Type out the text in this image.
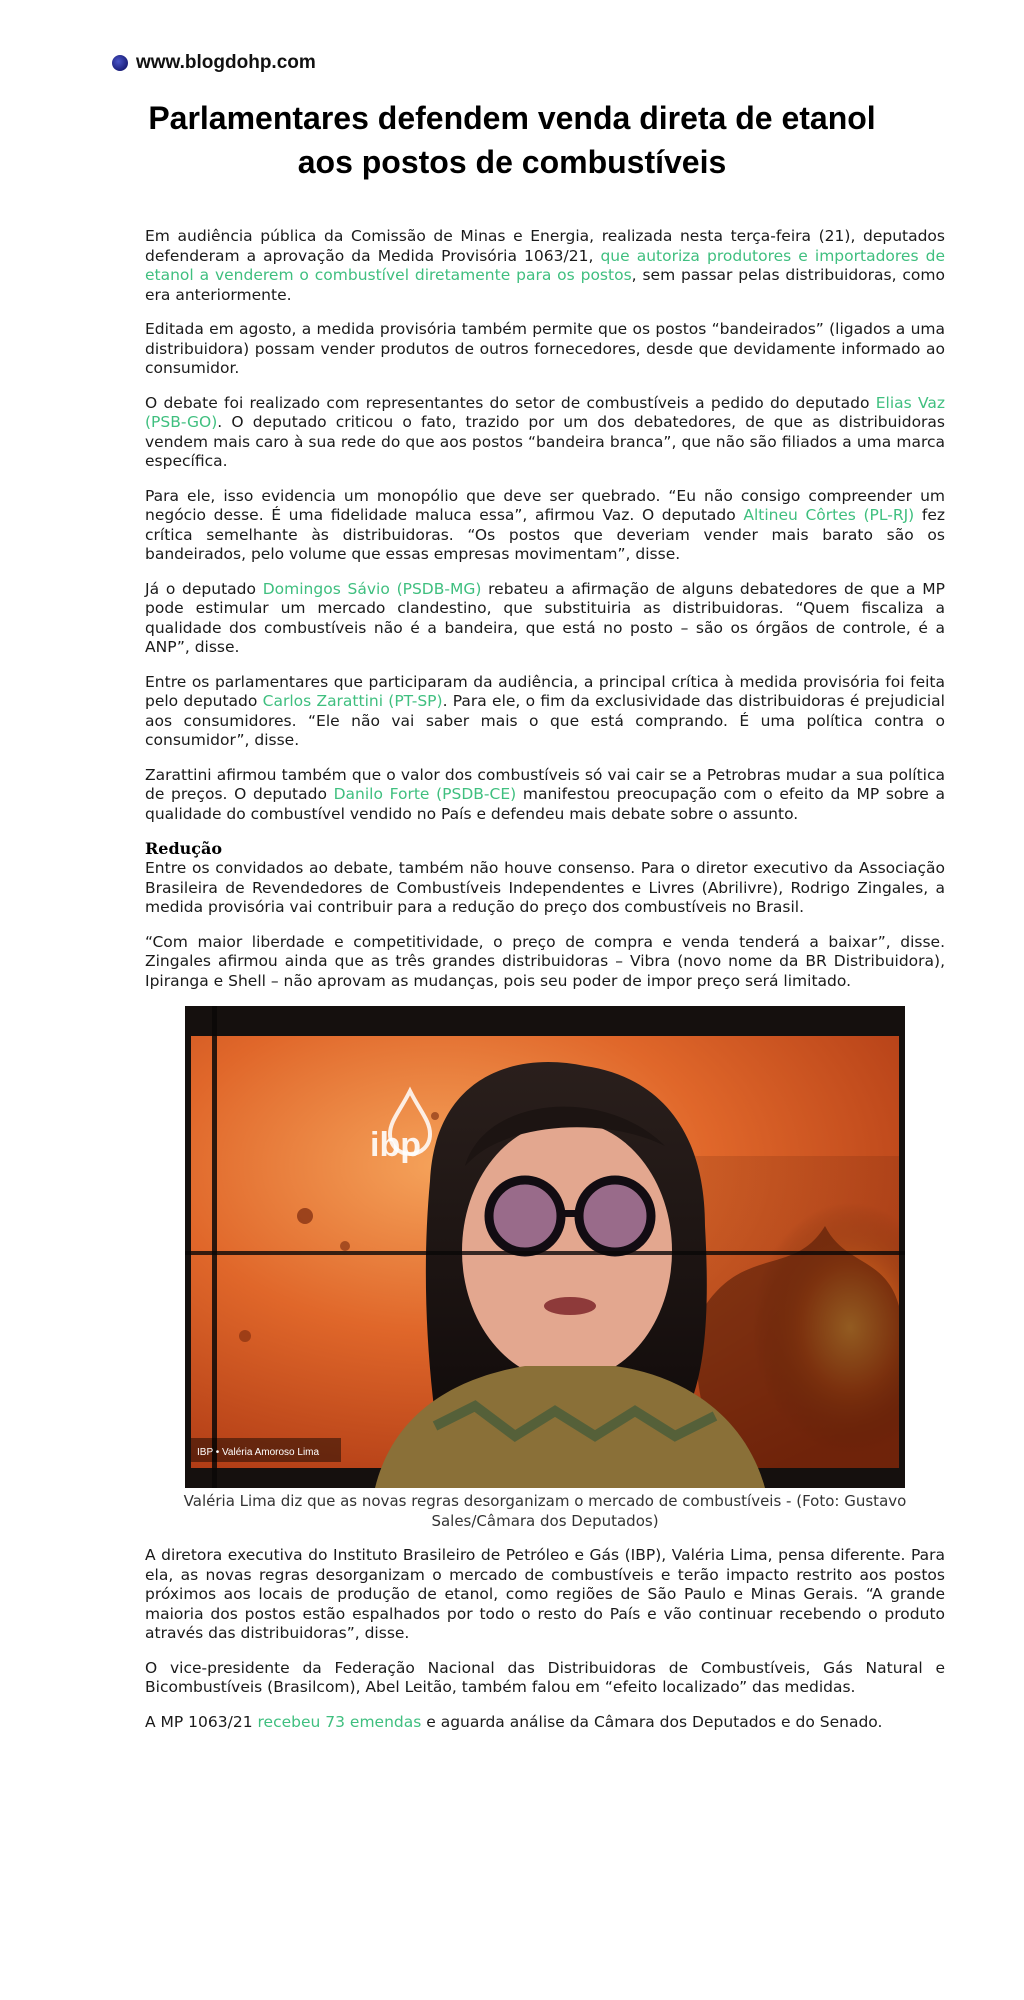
www.blogdohp.com
Parlamentares defendem venda direta de etanol
aos postos de combustíveis

Em audiência pública da Comissão de Minas e Energia, realizada nesta terça-feira (21), deputados defenderam a aprovação da Medida Provisória 1063/21, que autoriza produtores e importadores de etanol a venderem o combustível diretamente para os postos, sem passar pelas distribuidoras, como era anteriormente.

Editada em agosto, a medida provisória também permite que os postos “bandeirados” (ligados a uma distribuidora) possam vender produtos de outros fornecedores, desde que devidamente informado ao consumidor.

O debate foi realizado com representantes do setor de combustíveis a pedido do deputado Elias Vaz (PSB-GO). O deputado criticou o fato, trazido por um dos debatedores, de que as distribuidoras vendem mais caro à sua rede do que aos postos “bandeira branca”, que não são filiados a uma marca específica.

Para ele, isso evidencia um monopólio que deve ser quebrado. “Eu não consigo compreender um negócio desse. É uma fidelidade maluca essa”, afirmou Vaz. O deputado Altineu Côrtes (PL-RJ) fez crítica semelhante às distribuidoras. “Os postos que deveriam vender mais barato são os bandeirados, pelo volume que essas empresas movimentam”, disse.

Já o deputado Domingos Sávio (PSDB-MG) rebateu a afirmação de alguns debatedores de que a MP pode estimular um mercado clandestino, que substituiria as distribuidoras. “Quem fiscaliza a qualidade dos combustíveis não é a bandeira, que está no posto – são os órgãos de controle, é a ANP”, disse.

Entre os parlamentares que participaram da audiência, a principal crítica à medida provisória foi feita pelo deputado Carlos Zarattini (PT-SP). Para ele, o fim da exclusividade das distribuidoras é prejudicial aos consumidores. “Ele não vai saber mais o que está comprando. É uma política contra o consumidor”, disse.

Zarattini afirmou também que o valor dos combustíveis só vai cair se a Petrobras mudar a sua política de preços. O deputado Danilo Forte (PSDB-CE) manifestou preocupação com o efeito da MP sobre a qualidade do combustível vendido no País e defendeu mais debate sobre o assunto.

Redução

Entre os convidados ao debate, também não houve consenso. Para o diretor executivo da Associação Brasileira de Revendedores de Combustíveis Independentes e Livres (Abrilivre), Rodrigo Zingales, a medida provisória vai contribuir para a redução do preço dos combustíveis no Brasil.

“Com maior liberdade e competitividade, o preço de compra e venda tenderá a baixar”, disse. Zingales afirmou ainda que as três grandes distribuidoras – Vibra (novo nome da BR Distribuidora), Ipiranga e Shell – não aprovam as mudanças, pois seu poder de impor preço será limitado.

ibp
IBP • Valéria Amoroso Lima
Valéria Lima diz que as novas regras desorganizam o mercado de combustíveis - (Foto: Gustavo Sales/Câmara dos Deputados)

A diretora executiva do Instituto Brasileiro de Petróleo e Gás (IBP), Valéria Lima, pensa diferente. Para ela, as novas regras desorganizam o mercado de combustíveis e terão impacto restrito aos postos próximos aos locais de produção de etanol, como regiões de São Paulo e Minas Gerais. “A grande maioria dos postos estão espalhados por todo o resto do País e vão continuar recebendo o produto através das distribuidoras”, disse.

O vice-presidente da Federação Nacional das Distribuidoras de Combustíveis, Gás Natural e Bicombustíveis (Brasilcom), Abel Leitão, também falou em “efeito localizado” das medidas.

A MP 1063/21 recebeu 73 emendas e aguarda análise da Câmara dos Deputados e do Senado.
